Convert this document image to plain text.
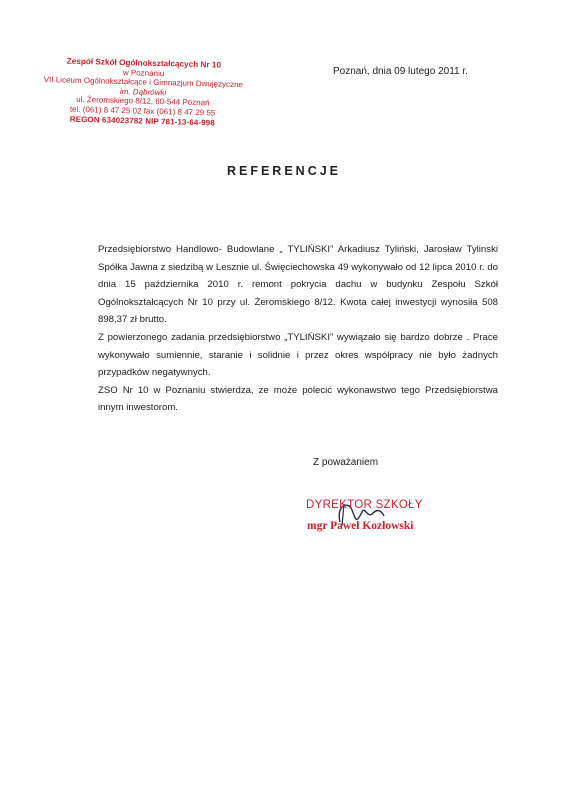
Zespół Szkół Ogólnokształcących Nr 10
w Poznaniu
VII Liceum Ogólnokształcące i Gimnazjum Dwujęzyczne
im. Dąbrówki
ul. Żeromskiego 8/12, 60-544 Poznań
tel. (061) 8 47 25 02 fax (061) 8 47 29 55
REGON 634023782 NIP 781-13-64-998
Poznań, dnia 09 lutego 2011 r.
REFERENCJE

Przedsiębiorstwo Handlowo- Budowlane „ TYLIŃSKI” Arkadiusz Tyliński, Jarosław Tylinski Spółka Jawna z siedzibą w Lesznie ul. Święciechowska 49 wykonywało od 12 lipca 2010 r. do dnia 15 października 2010 r. remont pokrycia dachu w budynku Zespołu Szkół Ogólnokształcących Nr 10 przy ul. Żeromskiego 8/12. Kwota całej inwestycji wynosiła 508 898,37 zł brutto.

Z powierzonego zadania przedsiębiorstwo „TYLIŃSKI” wywiązało się bardzo dobrze . Prace wykonywało sumiennie, staranie i solidnie i przez okres współpracy nie było żadnych przypadków negatywnych.

ZSO Nr 10 w Poznaniu stwierdza, ze może polecić wykonawstwo tego Przedsiębiorstwa innym inwestorom.

Z poważaniem
DYREKTOR SZKOŁY
mgr Paweł Kozłowski
